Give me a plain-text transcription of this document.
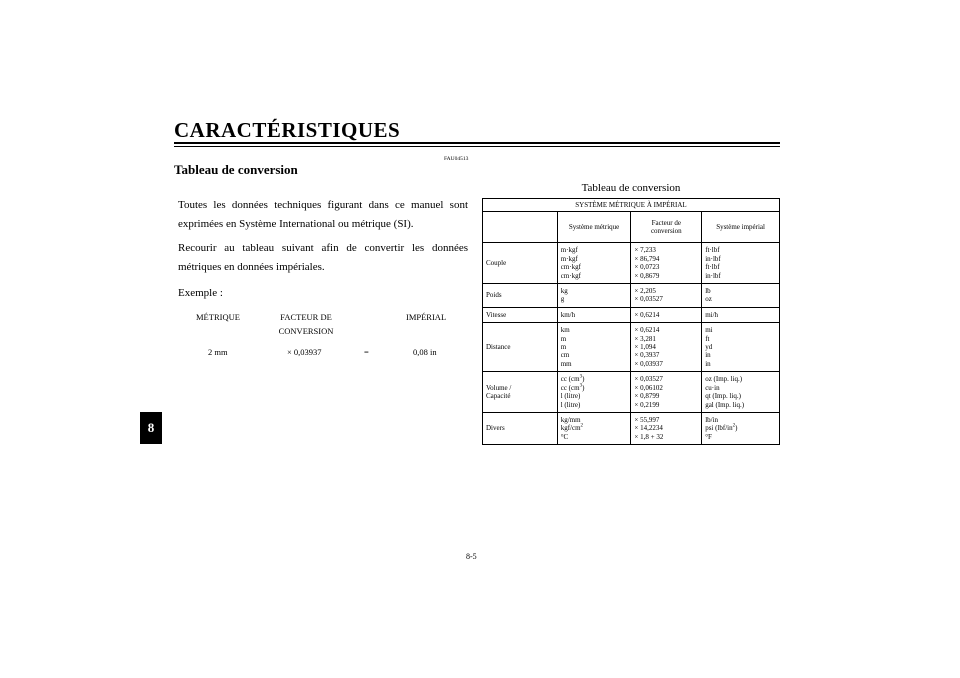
CARACTÉRISTIQUES
FAU04513
Tableau de conversion
8

Toutes les données techniques figurant dans ce manuel sont exprimées en Système International ou métrique (SI).

Recourir au tableau suivant afin de convertir les données métriques en données impériales.

Exemple :

MÉTRIQUE	FACTEUR DE
CONVERSION
IMPÉRIAL
2 mm	× 0,03937	=	0,08 in
Tableau de conversion
SYSTÈME MÉTRIQUE À IMPÉRIAL			
	Système métrique	Facteur de
conversion	Système impérial
Couple	m·kgf
m·kgf
cm·kgf
cm·kgf	× 7,233
× 86,794
× 0,0723
× 0,8679	ft·lbf
in·lbf
ft·lbf
in·lbf

Poids	kg
g	× 2,205
× 0,03527	lb
oz

Vitesse	km/h	× 0,6214	mi/h

Distance	km
m
m
cm
mm	× 0,6214
× 3,281
× 1,094
× 0,3937
× 0,03937	mi
ft
yd
in
in

Volume /
Capacité	cc $(cm^3)$
cc $(cm^3)$
l (litre)
l (litre)	× 0,03527
× 0,06102
× 0,8799
× 0,2199	oz (Imp. liq.)
cu·in
qt (Imp. liq.)
gal (Imp. liq.)

Divers	kg/mm
kgf/$cm^2$
°C	× 55,997
× 14,2234
× 1,8 + 32	lb/in
psi $(lbf/in^2)$
°F
8-5
